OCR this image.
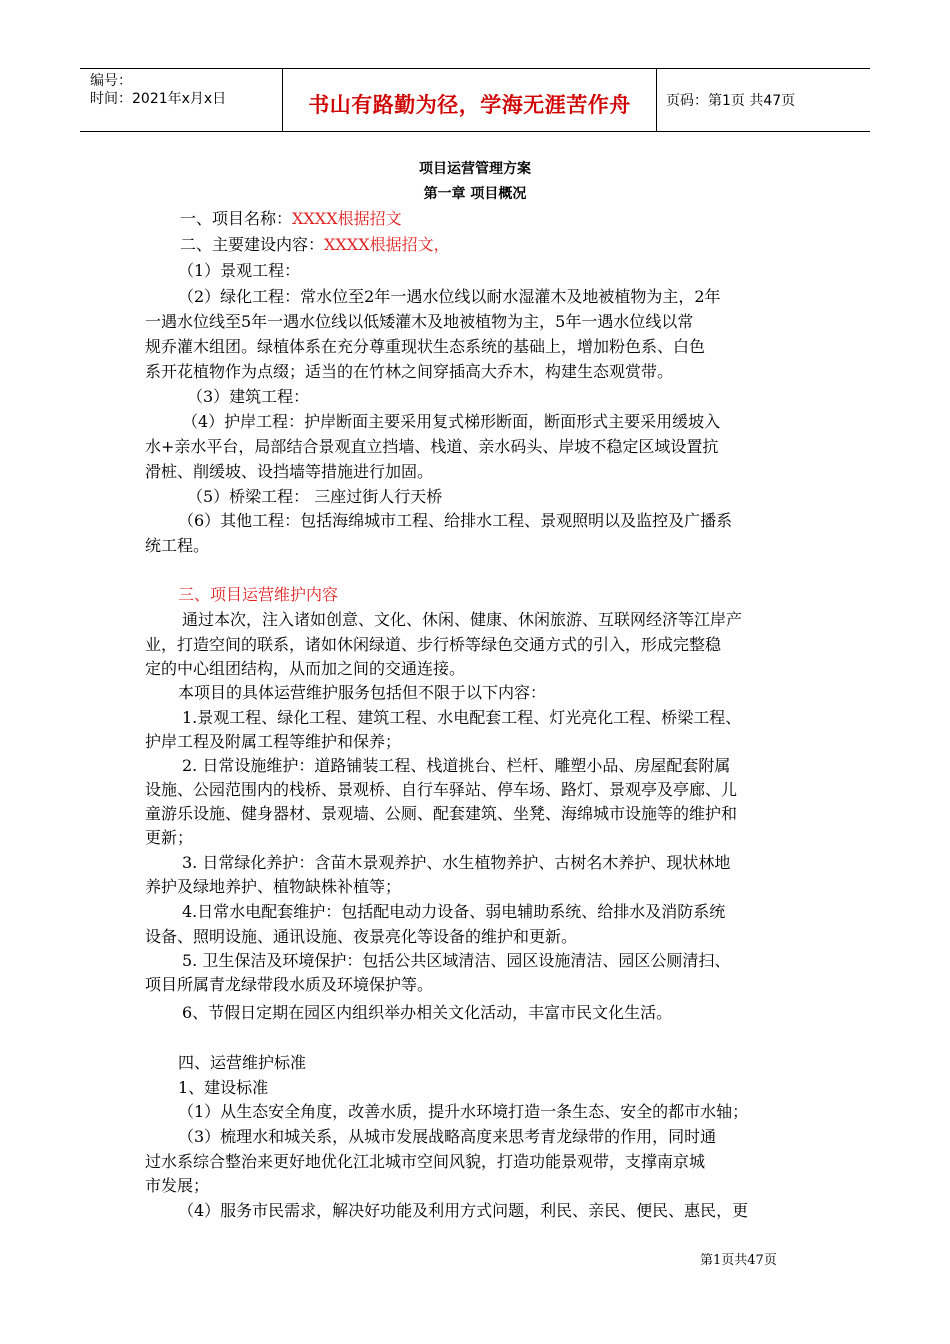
编号：
时间：2021年x月x日	书山有路勤为径，学海无涯苦作舟	页码：第1页 共47页
项目运营管理方案
第一章 项目概况
一、项目名称：XXXX根据招文
二、主要建设内容：XXXX根据招文，
（1）景观工程：
（2）绿化工程：常水位至2年一遇水位线以耐水湿灌木及地被植物为主，2年
一遇水位线至5年一遇水位线以低矮灌木及地被植物为主，5年一遇水位线以常
规乔灌木组团。绿植体系在充分尊重现状生态系统的基础上，增加粉色系、白色
系开花植物作为点缀；适当的在竹林之间穿插高大乔木，构建生态观赏带。
（3）建筑工程：
（4）护岸工程：护岸断面主要采用复式梯形断面，断面形式主要采用缓坡入
水+亲水平台，局部结合景观直立挡墙、栈道、亲水码头、岸坡不稳定区域设置抗
滑桩、削缓坡、设挡墙等措施进行加固。
（5）桥梁工程： 三座过街人行天桥
（6）其他工程：包括海绵城市工程、给排水工程、景观照明以及监控及广播系
统工程。
三、项目运营维护内容
通过本次，注入诸如创意、文化、休闲、健康、休闲旅游、互联网经济等江岸产
业，打造空间的联系，诸如休闲绿道、步行桥等绿色交通方式的引入，形成完整稳
定的中心组团结构，从而加之间的交通连接。
本项目的具体运营维护服务包括但不限于以下内容：
1.景观工程、绿化工程、建筑工程、水电配套工程、灯光亮化工程、桥梁工程、
护岸工程及附属工程等维护和保养；
2. 日常设施维护：道路铺装工程、栈道挑台、栏杆、雕塑小品、房屋配套附属
设施、公园范围内的栈桥、景观桥、自行车驿站、停车场、路灯、景观亭及亭廊、儿
童游乐设施、健身器材、景观墙、公厕、配套建筑、坐凳、海绵城市设施等的维护和
更新；
3. 日常绿化养护：含苗木景观养护、水生植物养护、古树名木养护、现状林地
养护及绿地养护、植物缺株补植等；
4.日常水电配套维护：包括配电动力设备、弱电辅助系统、给排水及消防系统
设备、照明设施、通讯设施、夜景亮化等设备的维护和更新。
5. 卫生保洁及环境保护：包括公共区域清洁、园区设施清洁、园区公厕清扫、
项目所属青龙绿带段水质及环境保护等。
6、节假日定期在园区内组织举办相关文化活动，丰富市民文化生活。
四、运营维护标准
1、建设标准
（1）从生态安全角度，改善水质，提升水环境打造一条生态、安全的都市水轴；
（3）梳理水和城关系，从城市发展战略高度来思考青龙绿带的作用，同时通
过水系综合整治来更好地优化江北城市空间风貌，打造功能景观带，支撑南京城
市发展；
（4）服务市民需求，解决好功能及利用方式问题，利民、亲民、便民、惠民，更
第1页共47页
